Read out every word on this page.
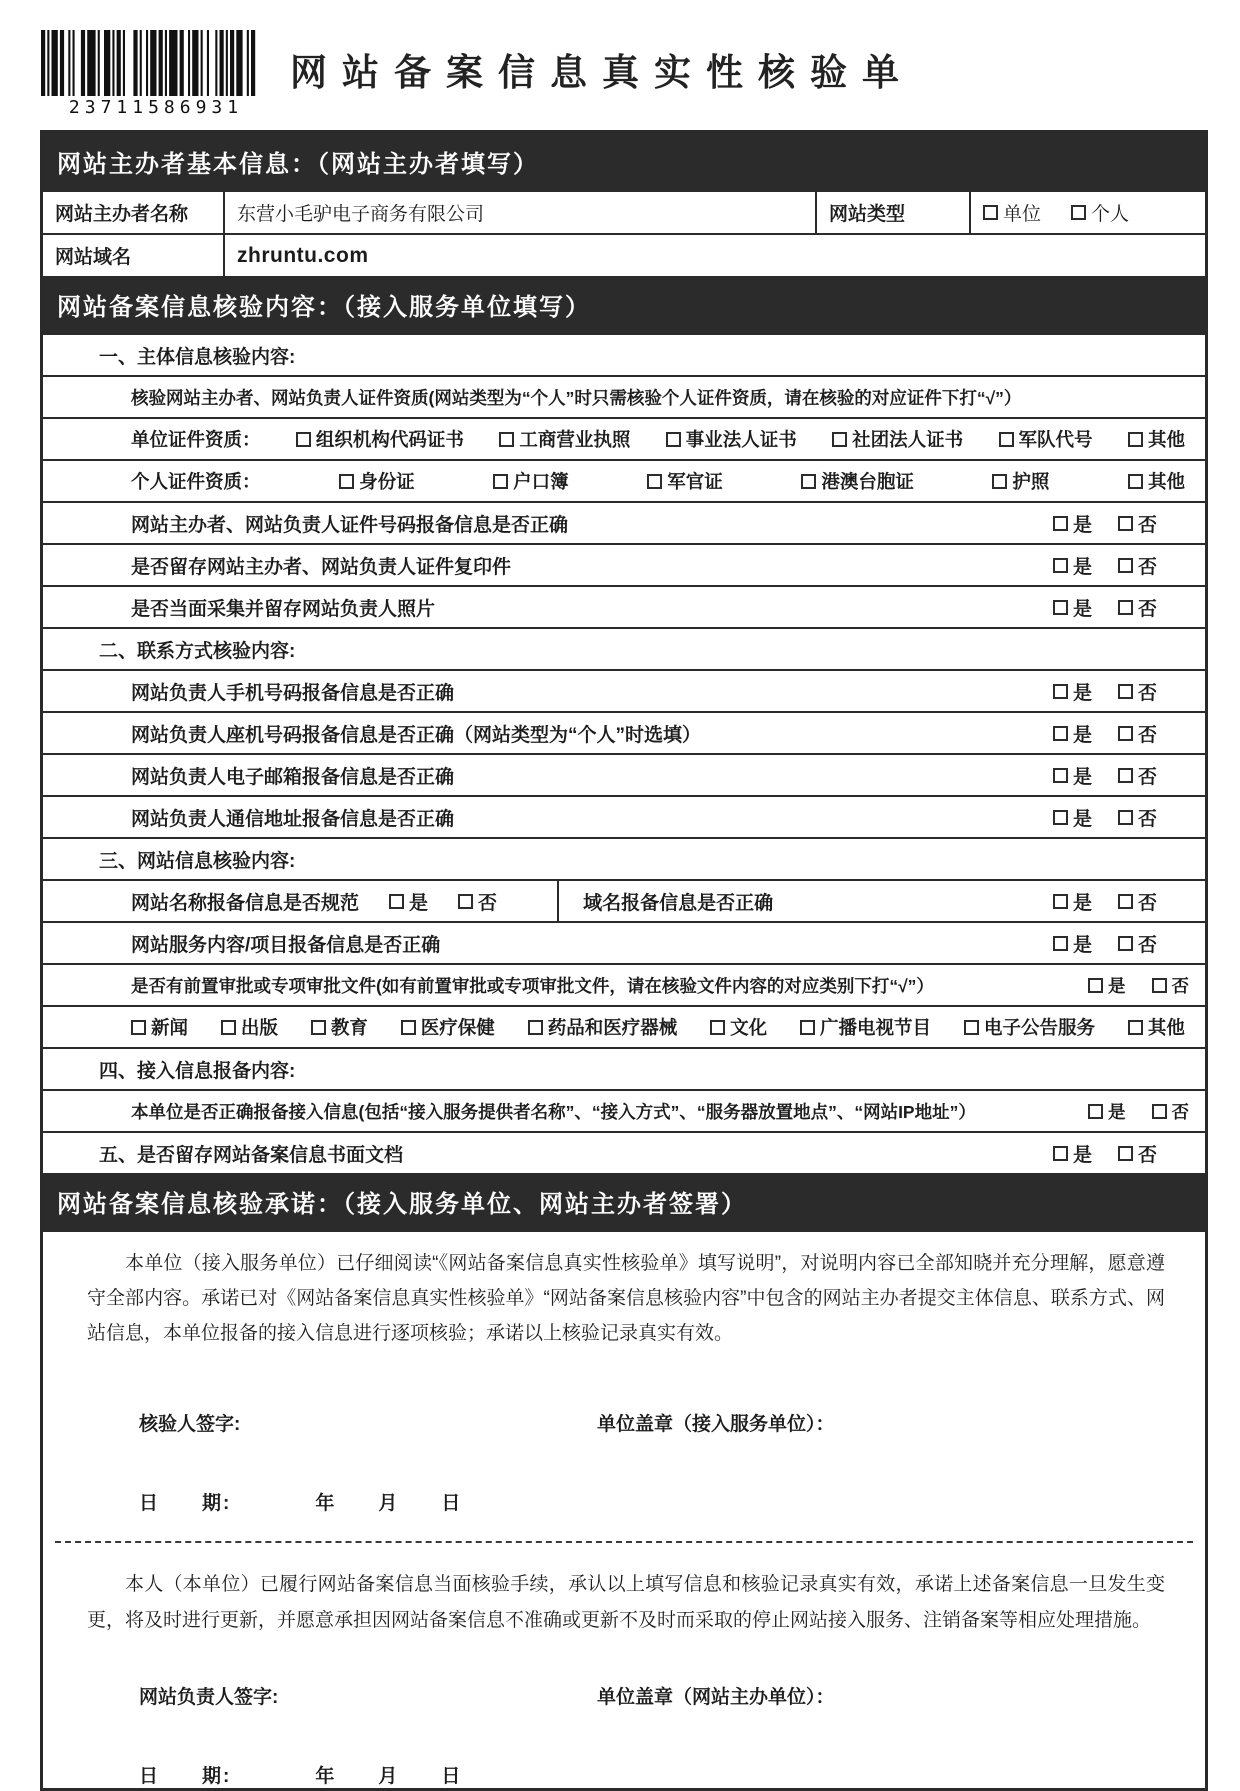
23711586931
网站备案信息真实性核验单
网站主办者基本信息：（网站主办者填写）
网站主办者名称	东营小毛驴电子商务有限公司	网站类型	单位	个人
网站域名	zhruntu.com
网站备案信息核验内容：（接入服务单位填写）
一、主体信息核验内容:
核验网站主办者、网站负责人证件资质(网站类型为“个人”时只需核验个人证件资质，请在核验的对应证件下打“√”）
单位证件资质：	组织机构代码证书	工商营业执照	事业法人证书	社团法人证书	军队代号	其他
个人证件资质：	身份证	户口簿	军官证	港澳台胞证	护照	其他
网站主办者、网站负责人证件号码报备信息是否正确	是 否
是否留存网站主办者、网站负责人证件复印件	是 否
是否当面采集并留存网站负责人照片	是 否
二、联系方式核验内容:
网站负责人手机号码报备信息是否正确	是 否
网站负责人座机号码报备信息是否正确（网站类型为“个人”时选填）	是 否
网站负责人电子邮箱报备信息是否正确	是 否
网站负责人通信地址报备信息是否正确	是 否
三、网站信息核验内容:
网站名称报备信息是否规范	是	否	域名报备信息是否正确	是 否
网站服务内容/项目报备信息是否正确	是 否
是否有前置审批或专项审批文件(如有前置审批或专项审批文件，请在核验文件内容的对应类别下打“√”）	是	否
新闻	出版	教育	医疗保健	药品和医疗器械	文化	广播电视节目	电子公告服务	其他
四、接入信息报备内容:
本单位是否正确报备接入信息(包括“接入服务提供者名称”、“接入方式”、“服务器放置地点”、“网站IP地址”）	是	否
五、是否留存网站备案信息书面文档	是 否
网站备案信息核验承诺：（接入服务单位、网站主办者签署）

本单位（接入服务单位）已仔细阅读“《网站备案信息真实性核验单》填写说明”，对说明内容已全部知晓并充分理解，愿意遵守全部内容。承诺已对《网站备案信息真实性核验单》“网站备案信息核验内容”中包含的网站主办者提交主体信息、联系方式、网站信息，本单位报备的接入信息进行逐项核验；承诺以上核验记录真实有效。

核验人签字:	单位盖章（接入服务单位）：
日　　期:　　　　年　　月　　日

本人（本单位）已履行网站备案信息当面核验手续，承认以上填写信息和核验记录真实有效，承诺上述备案信息一旦发生变更，将及时进行更新，并愿意承担因网站备案信息不准确或更新不及时而采取的停止网站接入服务、注销备案等相应处理措施。

网站负责人签字:	单位盖章（网站主办单位）：
日　　期:　　　　年　　月　　日
